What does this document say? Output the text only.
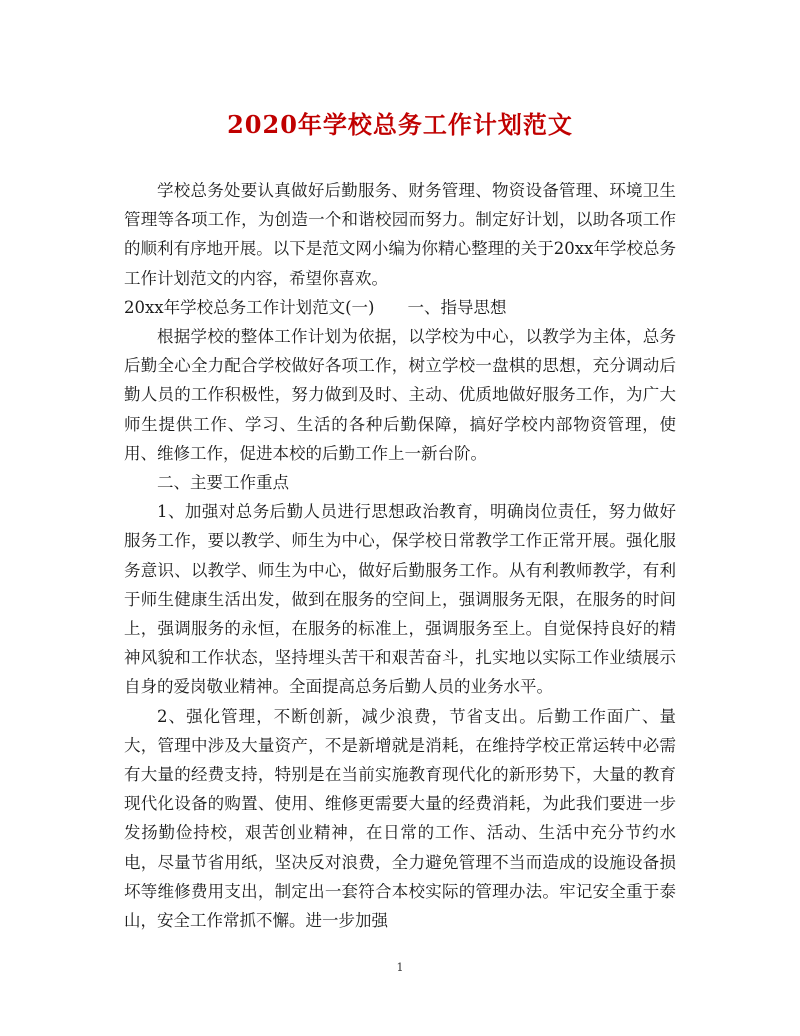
2020年学校总务工作计划范文

学校总务处要认真做好后勤服务、财务管理、物资设备管理、环境卫生管理等各项工作，为创造一个和谐校园而努力。制定好计划，以助各项工作的顺利有序地开展。以下是范文网小编为你精心整理的关于20xx年学校总务工作计划范文的内容，希望你喜欢。

20xx年学校总务工作计划范文(一)　　一、指导思想

根据学校的整体工作计划为依据，以学校为中心，以教学为主体，总务后勤全心全力配合学校做好各项工作，树立学校一盘棋的思想，充分调动后勤人员的工作积极性，努力做到及时、主动、优质地做好服务工作，为广大师生提供工作、学习、生活的各种后勤保障，搞好学校内部物资管理，使用、维修工作，促进本校的后勤工作上一新台阶。

二、主要工作重点

1、加强对总务后勤人员进行思想政治教育，明确岗位责任，努力做好服务工作，要以教学、师生为中心，保学校日常教学工作正常开展。强化服务意识、以教学、师生为中心，做好后勤服务工作。从有利教师教学，有利于师生健康生活出发，做到在服务的空间上，强调服务无限，在服务的时间上，强调服务的永恒，在服务的标准上，强调服务至上。自觉保持良好的精神风貌和工作状态，坚持埋头苦干和艰苦奋斗，扎实地以实际工作业绩展示自身的爱岗敬业精神。全面提高总务后勤人员的业务水平。

2、强化管理，不断创新，减少浪费，节省支出。后勤工作面广、量大，管理中涉及大量资产，不是新增就是消耗，在维持学校正常运转中必需有大量的经费支持，特别是在当前实施教育现代化的新形势下，大量的教育现代化设备的购置、使用、维修更需要大量的经费消耗，为此我们要进一步发扬勤俭持校，艰苦创业精神，在日常的工作、活动、生活中充分节约水电，尽量节省用纸，坚决反对浪费，全力避免管理不当而造成的设施设备损坏等维修费用支出，制定出一套符合本校实际的管理办法。牢记安全重于泰山，安全工作常抓不懈。进一步加强

1
